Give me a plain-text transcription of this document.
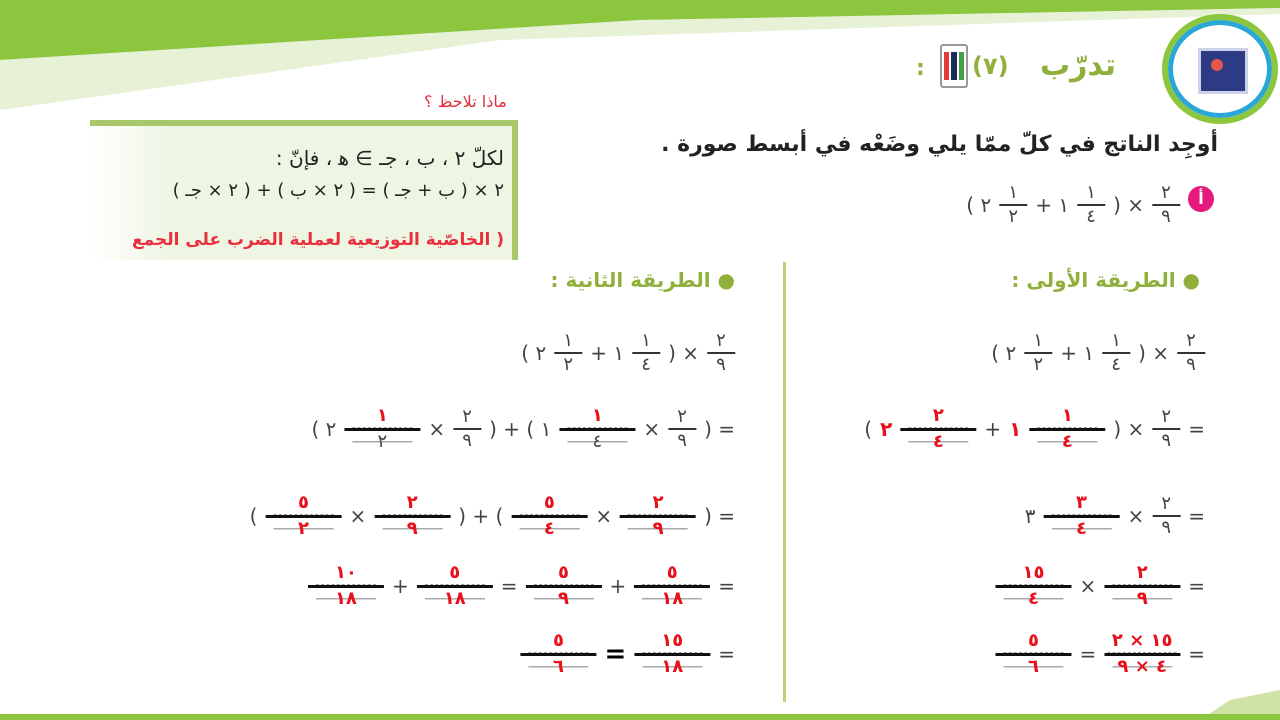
تدرّب
(٧)
:
ماذا تلاحظ ؟
لكلّ ٢ ، ب ، جـ ∋ ﻫ ، فإنّ :
٢ × ( ب + جـ ) = ( ٢ × ب ) + ( ٢ × جـ )
( الخاصّية التوزيعية لعملية الضرب على الجمع
أوجِد الناتج في كلّ ممّا يلي وضَعْه في أبسط صورة .
أ
( ٢ $\frac{١}{٢}$ + ١ $\frac{١}{٤}$ ) × $\frac{٢}{٩}$
● الطريقة الأولى :
● الطريقة الثانية :
( ٢ $\frac{١}{٢}$ + ١ $\frac{١}{٤}$ ) × $\frac{٢}{٩}$
( ٢ $\frac{٢}{٤}$ + ١ $\frac{١}{٤}$ ) × $\frac{٢}{٩}$ =
٣ $\frac{٣}{٤} \times \frac{٢}{٩}$ =
$\frac{١٥}{٤} \times \frac{٢}{٩}$ =
$\frac{٥}{٦} = \frac{١٥ \times ٢}{٤ \times ٩}$ =
( ٢ $\frac{١}{٢}$ + ١ $\frac{١}{٤}$ ) × $\frac{٢}{٩}$
( ٢ $\frac{١}{٢} \times \frac{٢}{٩}$ ) + ( ١ $\frac{١}{٤} \times \frac{٢}{٩}$ ) =
( $\frac{٥}{٢} \times \frac{٢}{٩}$ ) + ( $\frac{٥}{٤} \times \frac{٢}{٩}$ ) =
$\frac{١٠}{١٨} + \frac{٥}{١٨} = \frac{٥}{٩} + \frac{٥}{١٨}$ =
$\frac{٥}{٦} = \frac{١٥}{١٨}$ =
